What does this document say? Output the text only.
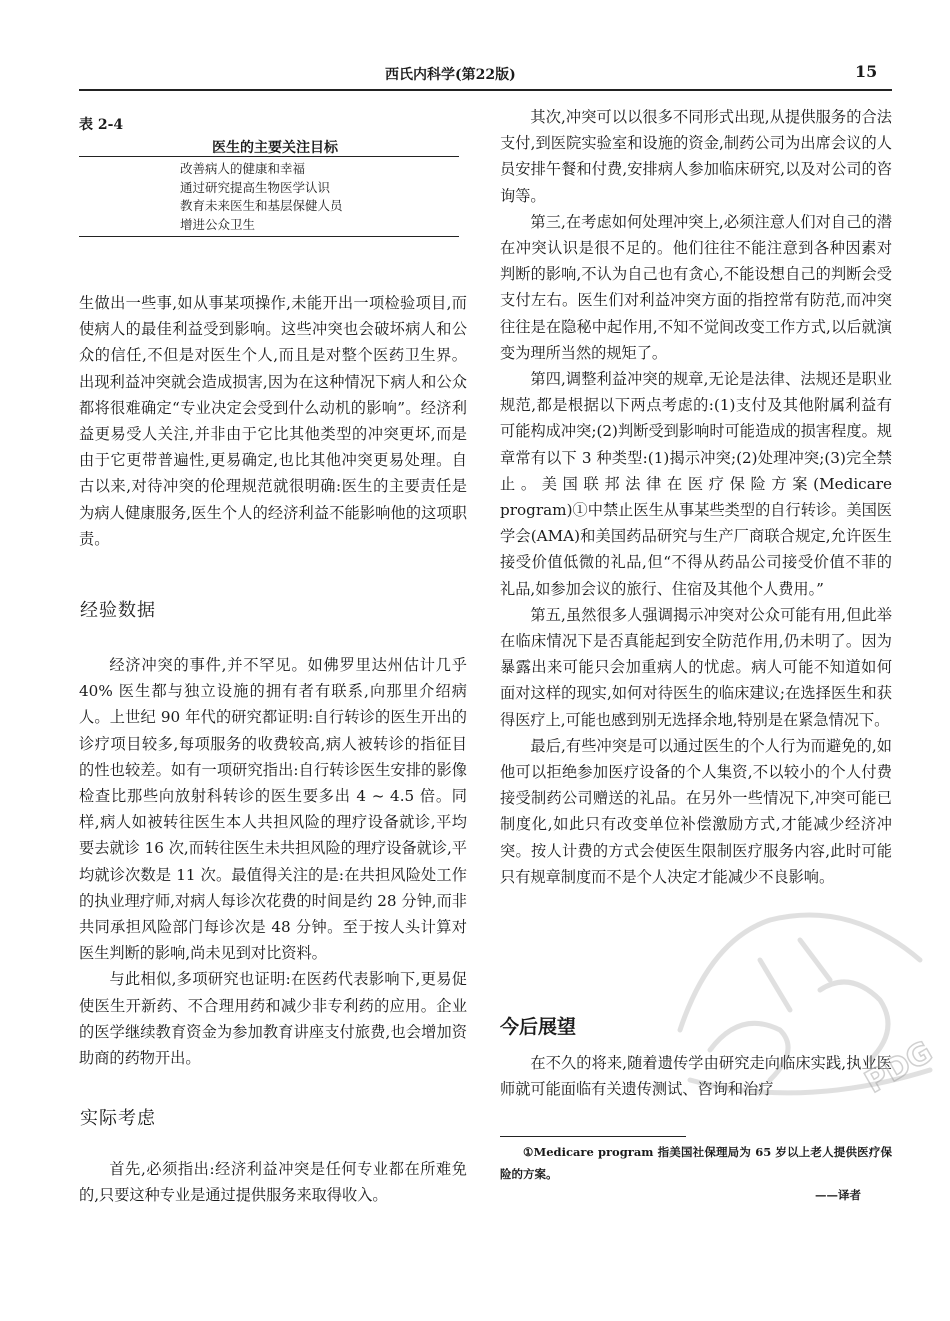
西氏内科学(第22版)	15
表 2-4
医生的主要关注目标
改善病人的健康和幸福
通过研究提高生物医学认识
教育未来医生和基层保健人员
增进公众卫生

生做出一些事,如从事某项操作,未能开出一项检验项目,而使病人的最佳利益受到影响。这些冲突也会破坏病人和公众的信任,不但是对医生个人,而且是对整个医药卫生界。出现利益冲突就会造成损害,因为在这种情况下病人和公众都将很难确定“专业决定会受到什么动机的影响”。经济利益更易受人关注,并非由于它比其他类型的冲突更坏,而是由于它更带普遍性,更易确定,也比其他冲突更易处理。自古以来,对待冲突的伦理规范就很明确:医生的主要责任是为病人健康服务,医生个人的经济利益不能影响他的这项职责。

经验数据

经济冲突的事件,并不罕见。如佛罗里达州估计几乎 40% 医生都与独立设施的拥有者有联系,向那里介绍病人。上世纪 90 年代的研究都证明:自行转诊的医生开出的诊疗项目较多,每项服务的收费较高,病人被转诊的指征目的性也较差。如有一项研究指出:自行转诊医生安排的影像检查比那些向放射科转诊的医生要多出 4 ~ 4.5 倍。同样,病人如被转往医生本人共担风险的理疗设备就诊,平均要去就诊 16 次,而转往医生未共担风险的理疗设备就诊,平均就诊次数是 11 次。最值得关注的是:在共担风险处工作的执业理疗师,对病人每诊次花费的时间是约 28 分钟,而非共同承担风险部门每诊次是 48 分钟。至于按人头计算对医生判断的影响,尚未见到对比资料。

与此相似,多项研究也证明:在医药代表影响下,更易促使医生开新药、不合理用药和减少非专利药的应用。企业的医学继续教育资金为参加教育讲座支付旅费,也会增加资助商的药物开出。

实际考虑

首先,必须指出:经济利益冲突是任何专业都在所难免的,只要这种专业是通过提供服务来取得收入。

其次,冲突可以以很多不同形式出现,从提供服务的合法支付,到医院实验室和设施的资金,制药公司为出席会议的人员安排午餐和付费,安排病人参加临床研究,以及对公司的咨询等。

第三,在考虑如何处理冲突上,必须注意人们对自己的潜在冲突认识是很不足的。他们往往不能注意到各种因素对判断的影响,不认为自己也有贪心,不能设想自己的判断会受支付左右。医生们对利益冲突方面的指控常有防范,而冲突往往是在隐秘中起作用,不知不觉间改变工作方式,以后就演变为理所当然的规矩了。

第四,调整利益冲突的规章,无论是法律、法规还是职业规范,都是根据以下两点考虑的:(1)支付及其他附属利益有可能构成冲突;(2)判断受到影响时可能造成的损害程度。规章常有以下 3 种类型:(1)揭示冲突;(2)处理冲突;(3)完全禁止。美国联邦法律在医疗保险方案(Medicare program)①中禁止医生从事某些类型的自行转诊。美国医学会(AMA)和美国药品研究与生产厂商联合规定,允许医生接受价值低微的礼品,但“不得从药品公司接受价值不菲的礼品,如参加会议的旅行、住宿及其他个人费用。”

第五,虽然很多人强调揭示冲突对公众可能有用,但此举在临床情况下是否真能起到安全防范作用,仍未明了。因为暴露出来可能只会加重病人的忧虑。病人可能不知道如何面对这样的现实,如何对待医生的临床建议;在选择医生和获得医疗上,可能也感到别无选择余地,特别是在紧急情况下。

最后,有些冲突是可以通过医生的个人行为而避免的,如他可以拒绝参加医疗设备的个人集资,不以较小的个人付费接受制药公司赠送的礼品。在另外一些情况下,冲突可能已制度化,如此只有改变单位补偿激励方式,才能减少经济冲突。按人计费的方式会使医生限制医疗服务内容,此时可能只有规章制度而不是个人决定才能减少不良影响。

今后展望

在不久的将来,随着遗传学由研究走向临床实践,执业医师就可能面临有关遗传测试、咨询和治疗

①Medicare program 指美国社保理局为 65 岁以上老人提供医疗保险的方案。
——译者
PDG
